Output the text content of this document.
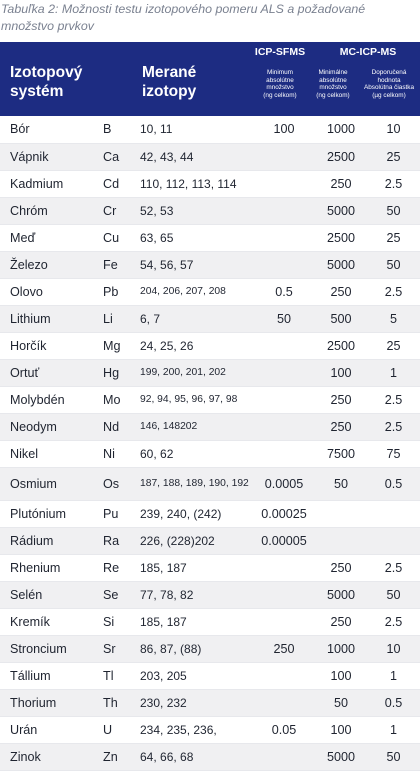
Tabuľka 2: Možnosti testu izotopového pomeru ALS a požadované
množstvo prvkov
Izotopový
systém
Merané
izotopy
ICP-SFMS	MC-ICP-MS
Minimum
absolútne
množstvo
(ng celkom)
Minimálne
absolútne
množstvo
(ng celkom)
Doporučená
hodnota
Absolútna čiastka
(µg celkom)
Bór	B	10, 11	100	1000	10
Vápnik	Ca	42, 43, 44		2500	25
Kadmium	Cd	110, 112, 113, 114		250	2.5
Chróm	Cr	52, 53		5000	50
Meď	Cu	63, 65		2500	25
Železo	Fe	54, 56, 57		5000	50
Olovo	Pb	204, 206, 207, 208	0.5	250	2.5
Lithium	Li	6, 7	50	500	5
Horčík	Mg	24, 25, 26		2500	25
Ortuť	Hg	199, 200, 201, 202		100	1
Molybdén	Mo	92, 94, 95, 96, 97, 98		250	2.5
Neodym	Nd	146, 148202		250	2.5
Nikel	Ni	60, 62		7500	75
Osmium	Os	187, 188, 189, 190, 192	0.0005	50	0.5
Plutónium	Pu	239, 240, (242)	0.00025		
Rádium	Ra	226, (228)202	0.00005		
Rhenium	Re	185, 187		250	2.5
Selén	Se	77, 78, 82		5000	50
Kremík	Si	185, 187		250	2.5
Stroncium	Sr	86, 87, (88)	250	1000	10
Tállium	Tl	203, 205		100	1
Thorium	Th	230, 232		50	0.5
Urán	U	234, 235, 236,	0.05	100	1
Zinok	Zn	64, 66, 68		5000	50
